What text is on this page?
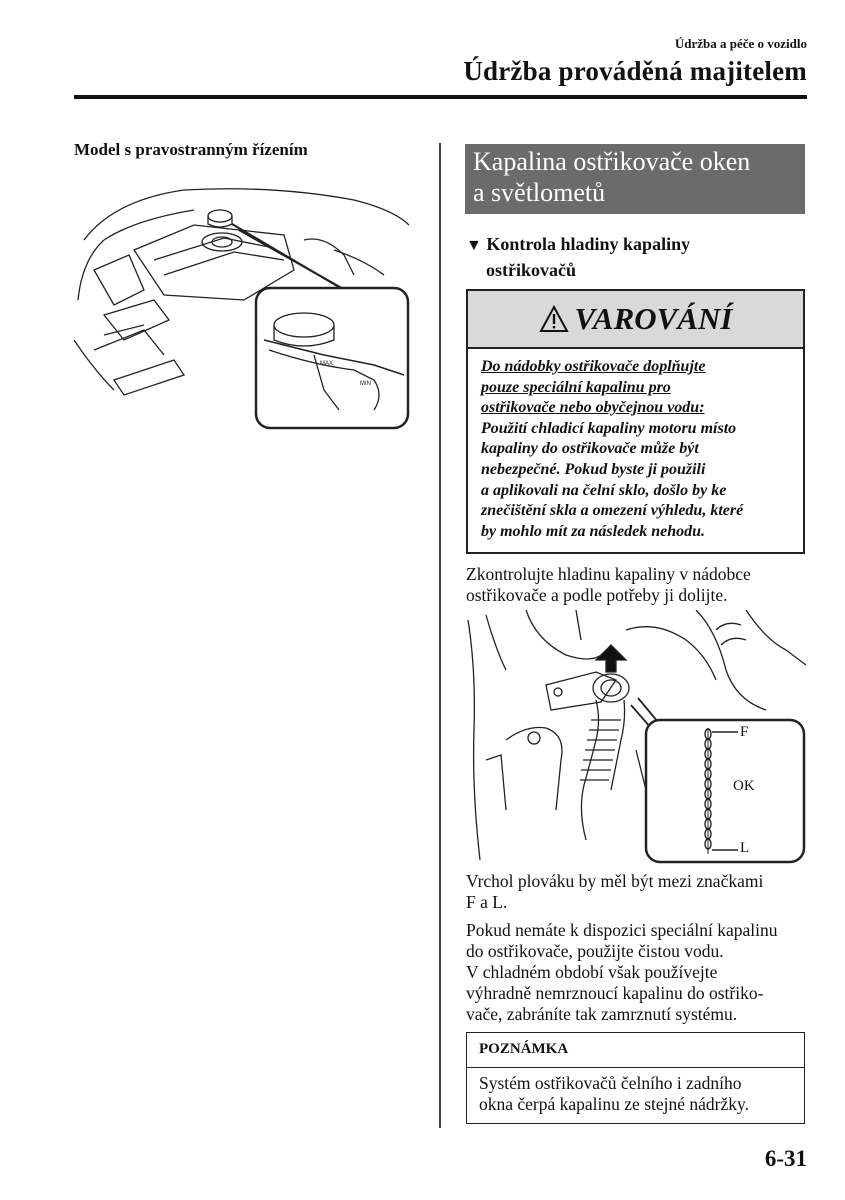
Údržba a péče o vozidlo
Údržba prováděná majitelem
Model s pravostranným řízením
MAX
MIN
Kapalina ostřikovače oken
a světlometů
▼ Kontrola hladiny kapaliny
ostřikovačů
VAROVÁNÍ
Do nádobky ostřikovače doplňujte
pouze speciální kapalinu pro
ostřikovače nebo obyčejnou vodu:
Použití chladicí kapaliny motoru místo
kapaliny do ostřikovače může být
nebezpečné. Pokud byste ji použili
a aplikovali na čelní sklo, došlo by ke
znečištění skla a omezení výhledu, které
by mohlo mít za následek nehodu.
Zkontrolujte hladinu kapaliny v nádobce
ostřikovače a podle potřeby ji dolijte.
F
OK
L
Vrchol plováku by měl být mezi značkami
F a L.
Pokud nemáte k dispozici speciální kapalinu
do ostřikovače, použijte čistou vodu.
V chladném období však používejte
výhradně nemrznoucí kapalinu do ostřiko-
vače, zabráníte tak zamrznutí systému.
POZNÁMKA
Systém ostřikovačů čelního i zadního
okna čerpá kapalinu ze stejné nádržky.
6-31
